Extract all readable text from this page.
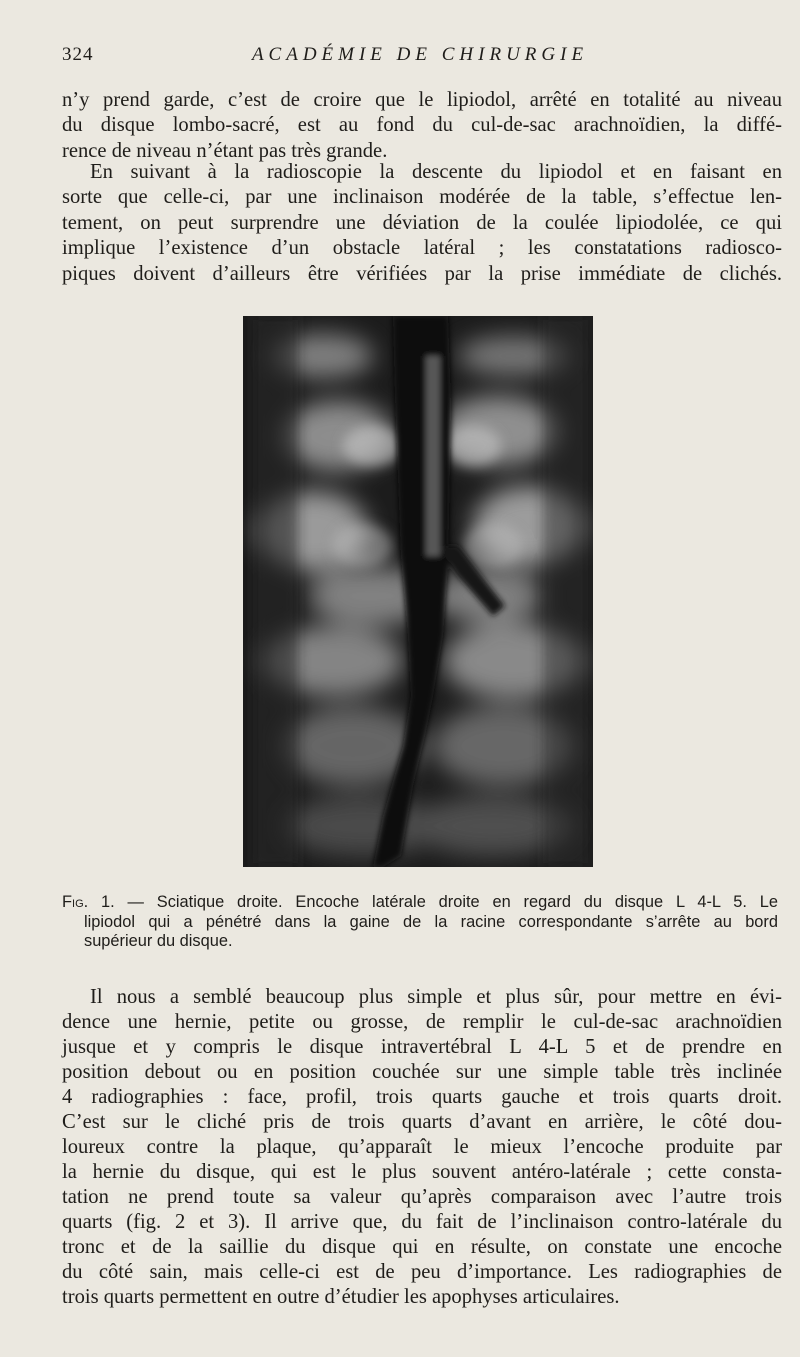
324	ACADÉMIE DE CHIRURGIE

n’y prend garde, c’est de croire que le lipiodol, arrêté en totalité au niveau
du disque lombo-sacré, est au fond du cul-de-sac arachnoïdien, la diffé-
rence de niveau n’étant pas très grande.

En suivant à la radioscopie la descente du lipiodol et en faisant en
sorte que celle-ci, par une inclinaison modérée de la table, s’effectue len-
tement, on peut surprendre une déviation de la coulée lipiodolée, ce qui
implique l’existence d’un obstacle latéral ; les constatations radiosco-
piques doivent d’ailleurs être vérifiées par la prise immédiate de clichés.

Fig. 1. — Sciatique droite. Encoche latérale droite en regard du disque L 4-L 5. Le
lipiodol qui a pénétré dans la gaine de la racine correspondante s’arrête au bord
supérieur du disque.

Il nous a semblé beaucoup plus simple et plus sûr, pour mettre en évi-
dence une hernie, petite ou grosse, de remplir le cul-de-sac arachnoïdien
jusque et y compris le disque intravertébral L 4-L 5 et de prendre en
position debout ou en position couchée sur une simple table très inclinée
4 radiographies : face, profil, trois quarts gauche et trois quarts droit.
C’est sur le cliché pris de trois quarts d’avant en arrière, le côté dou-
loureux contre la plaque, qu’apparaît le mieux l’encoche produite par
la hernie du disque, qui est le plus souvent antéro-latérale ; cette consta-
tation ne prend toute sa valeur qu’après comparaison avec l’autre trois
quarts (fig. 2 et 3). Il arrive que, du fait de l’inclinaison contro-latérale du
tronc et de la saillie du disque qui en résulte, on constate une encoche
du côté sain, mais celle-ci est de peu d’importance. Les radiographies de
trois quarts permettent en outre d’étudier les apophyses articulaires.
